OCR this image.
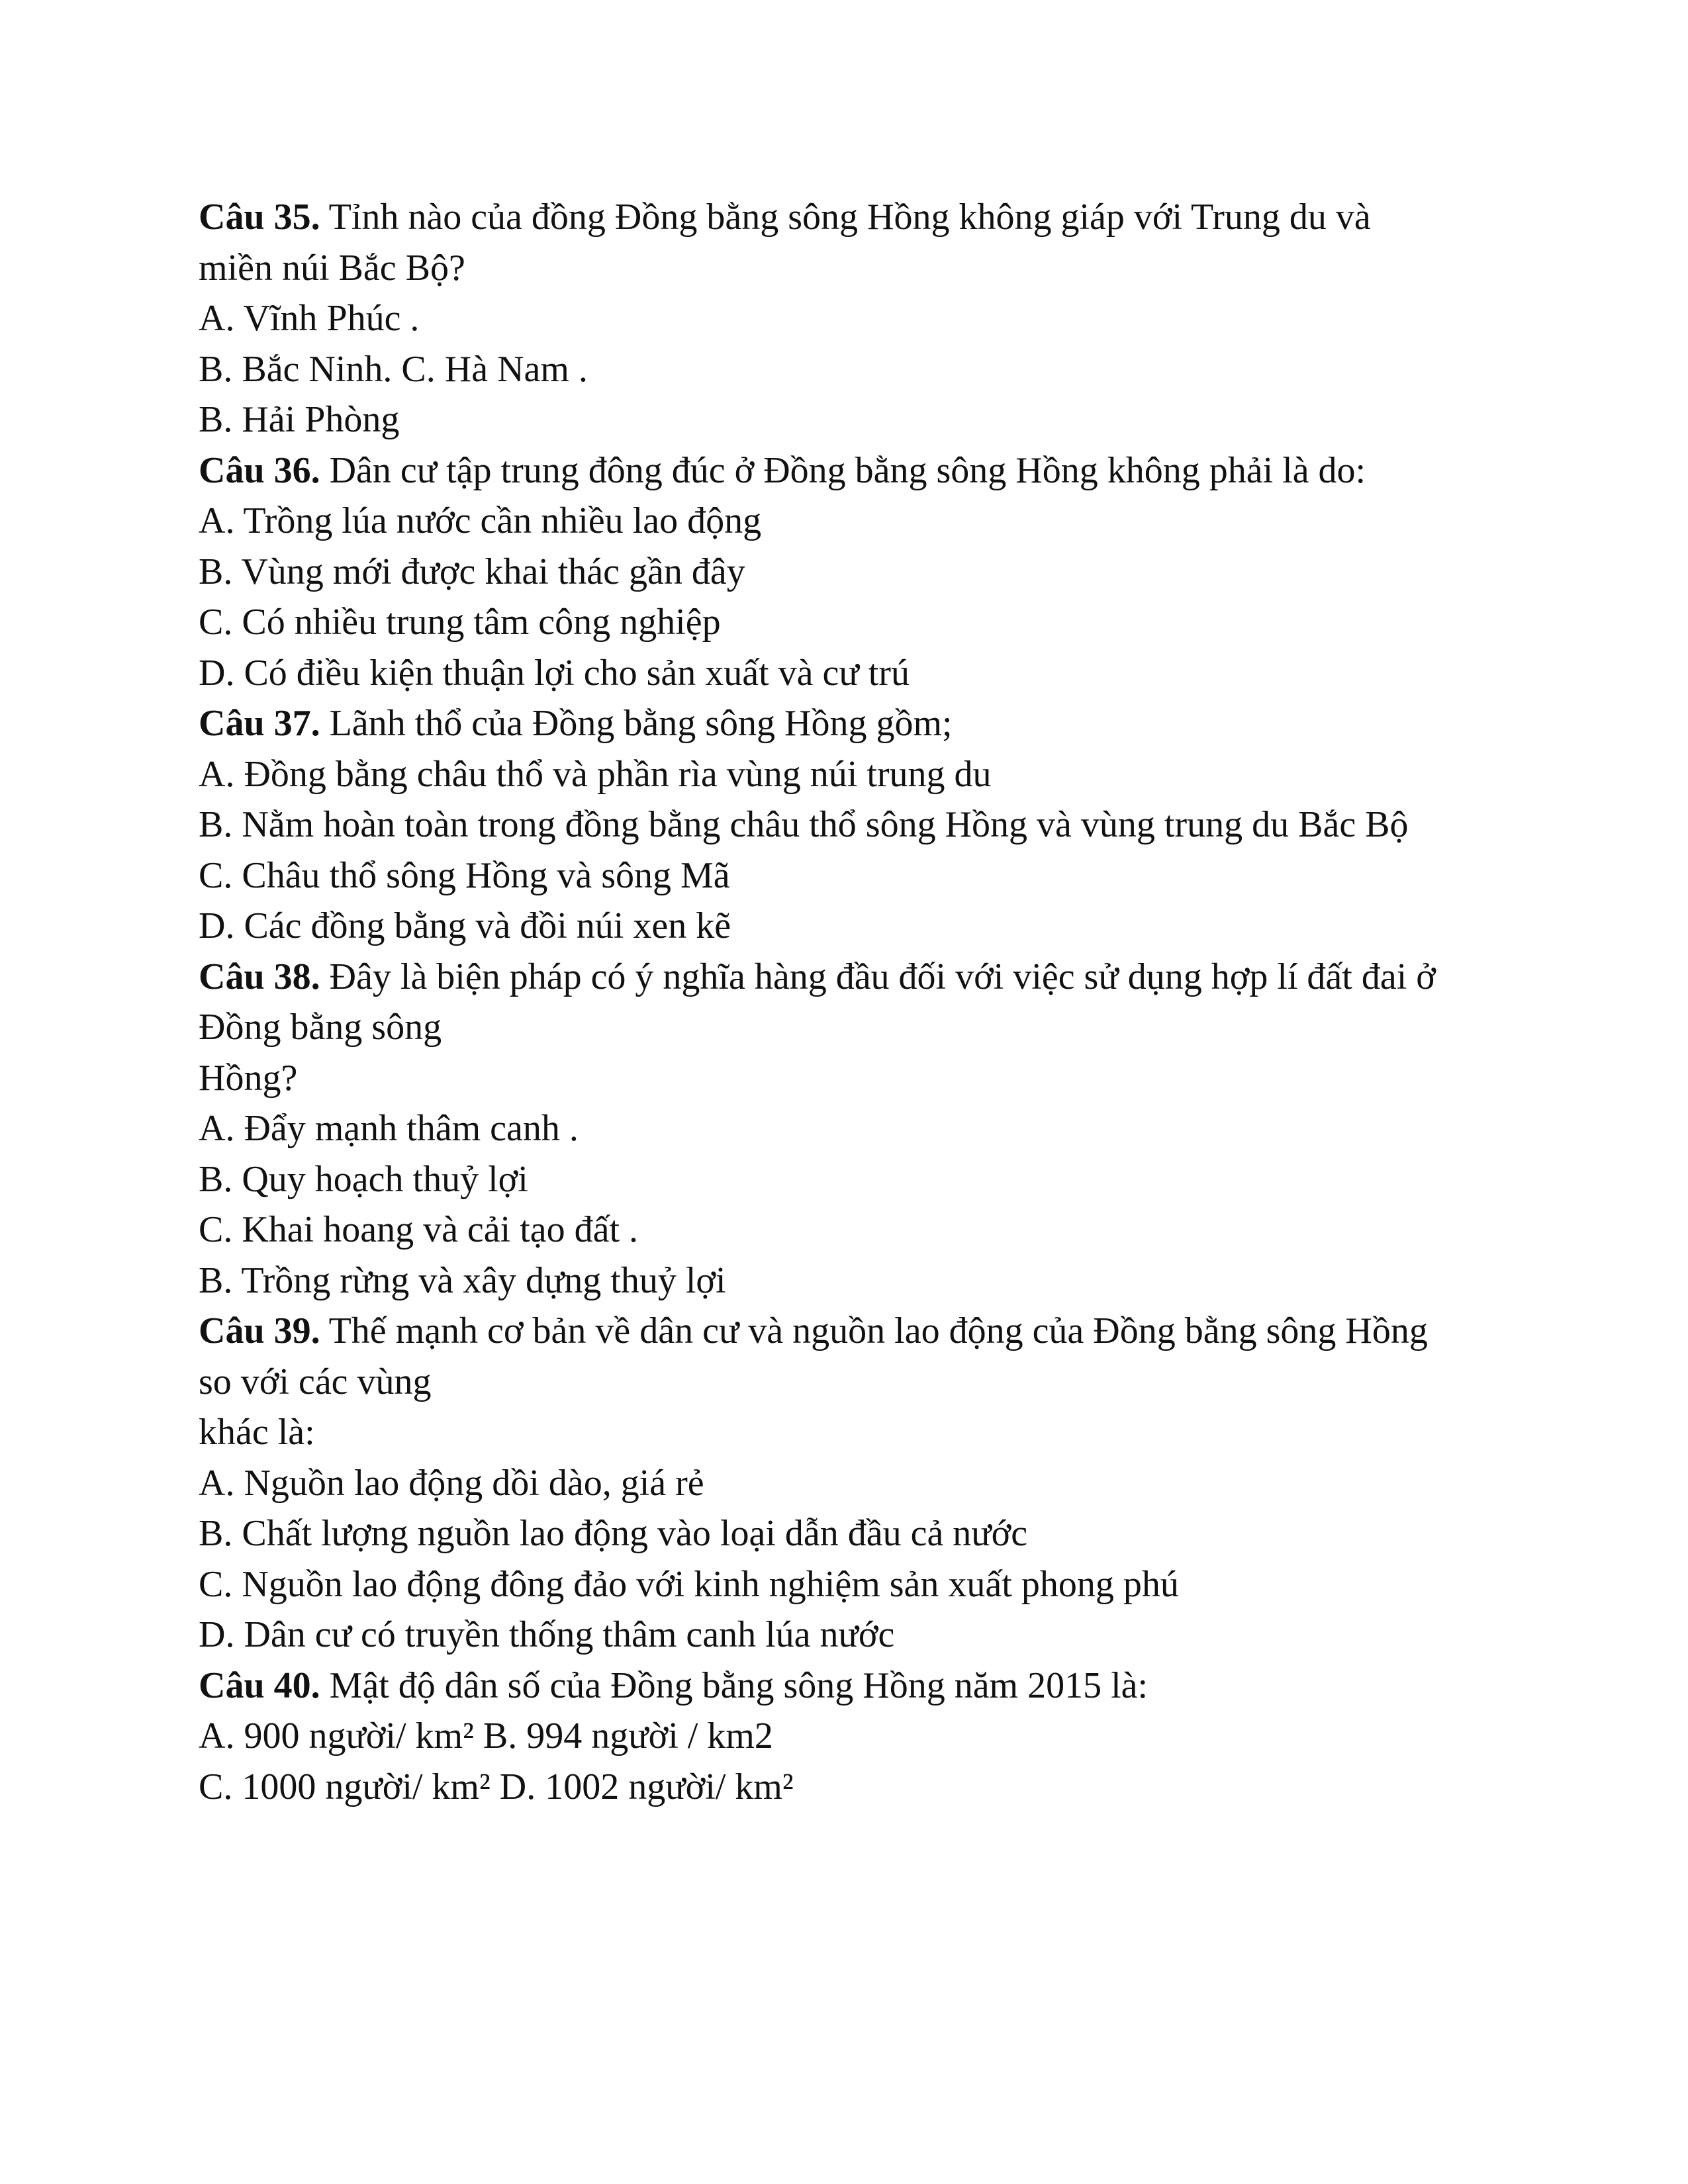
Câu 35. Tỉnh nào của đồng Đồng bằng sông Hồng không giáp với Trung du và
miền núi Bắc Bộ?
A. Vĩnh Phúc .
B. Bắc Ninh. C. Hà Nam .
B. Hải Phòng
Câu 36. Dân cư tập trung đông đúc ở Đồng bằng sông Hồng không phải là do:
A. Trồng lúa nước cần nhiều lao động
B. Vùng mới được khai thác gần đây
C. Có nhiều trung tâm công nghiệp
D. Có điều kiện thuận lợi cho sản xuất và cư trú
Câu 37. Lãnh thổ của Đồng bằng sông Hồng gồm;
A. Đồng bằng châu thổ và phần rìa vùng núi trung du
B. Nằm hoàn toàn trong đồng bằng châu thổ sông Hồng và vùng trung du Bắc Bộ
C. Châu thổ sông Hồng và sông Mã
D. Các đồng bằng và đồi núi xen kẽ
Câu 38. Đây là biện pháp có ý nghĩa hàng đầu đối với việc sử dụng hợp lí đất đai ở
Đồng bằng sông
Hồng?
A. Đẩy mạnh thâm canh .
B. Quy hoạch thuỷ lợi
C. Khai hoang và cải tạo đất .
B. Trồng rừng và xây dựng thuỷ lợi
Câu 39. Thế mạnh cơ bản về dân cư và nguồn lao động của Đồng bằng sông Hồng
so với các vùng
khác là:
A. Nguồn lao động dồi dào, giá rẻ
B. Chất lượng nguồn lao động vào loại dẫn đầu cả nước
C. Nguồn lao động đông đảo với kinh nghiệm sản xuất phong phú
D. Dân cư có truyền thống thâm canh lúa nước
Câu 40. Mật độ dân số của Đồng bằng sông Hồng năm 2015 là:
A. 900 người/ km² B. 994 người / km2
C. 1000 người/ km² D. 1002 người/ km²
